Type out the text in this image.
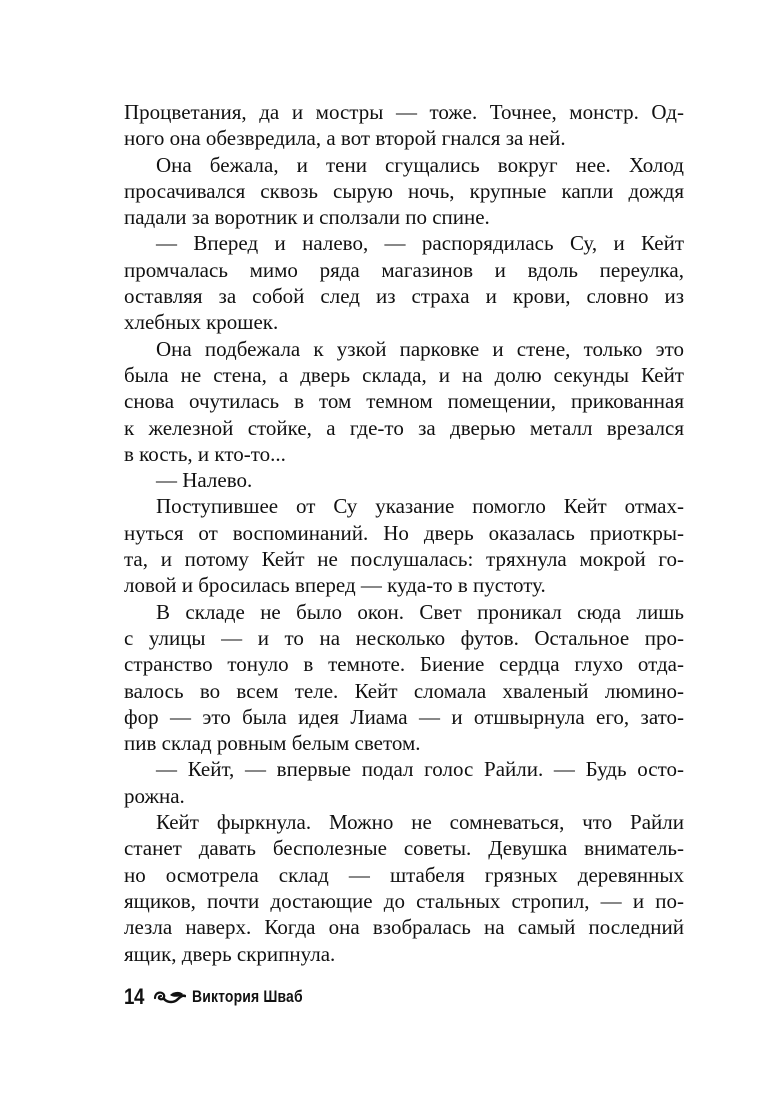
Процветания, да и мостры — тоже. Точнее, монстр. Од-
ного она обезвредила, а вот второй гнался за ней.
Она бежала, и тени сгущались вокруг нее. Холод
просачивался сквозь сырую ночь, крупные капли дождя
падали за воротник и сползали по спине.
— Вперед и налево, — распорядилась Су, и Кейт
промчалась мимо ряда магазинов и вдоль переулка,
оставляя за собой след из страха и крови, словно из
хлебных крошек.
Она подбежала к узкой парковке и стене, только это
была не стена, а дверь склада, и на долю секунды Кейт
снова очутилась в том темном помещении, прикованная
к железной стойке, а где-то за дверью металл врезался
в кость, и кто-то...
— Налево.
Поступившее от Су указание помогло Кейт отмах-
нуться от воспоминаний. Но дверь оказалась приоткры-
та, и потому Кейт не послушалась: тряхнула мокрой го-
ловой и бросилась вперед — куда-то в пустоту.
В складе не было окон. Свет проникал сюда лишь
с улицы — и то на несколько футов. Остальное про-
странство тонуло в темноте. Биение сердца глухо отда-
валось во всем теле. Кейт сломала хваленый люмино-
фор — это была идея Лиама — и отшвырнула его, зато-
пив склад ровным белым светом.
— Кейт, — впервые подал голос Райли. — Будь осто-
рожна.
Кейт фыркнула. Можно не сомневаться, что Райли
станет давать бесполезные советы. Девушка вниматель-
но осмотрела склад — штабеля грязных деревянных
ящиков, почти достающие до стальных стропил, — и по-
лезла наверх. Когда она взобралась на самый последний
ящик, дверь скрипнула.
14	Виктория Шваб
